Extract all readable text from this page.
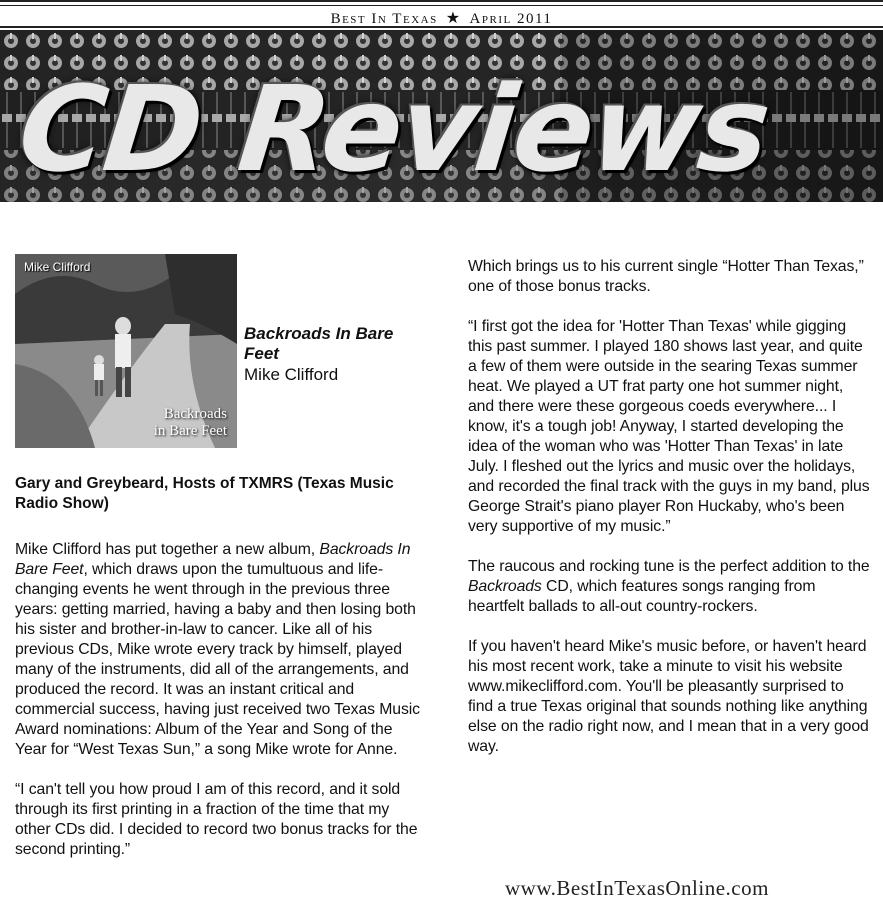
Best In Texas ★ April 2011
CD Reviews
Mike Clifford
Backroads
in Bare Feet
Backroads In Bare Feet
Mike Clifford
Gary and Greybeard, Hosts of TXMRS (Texas Music Radio Show)

Mike Clifford has put together a new album, Backroads In Bare Feet, which draws upon the tumultuous and life-changing events he went through in the previous three years: getting married, having a baby and then losing both his sister and brother-in-law to cancer. Like all of his previous CDs, Mike wrote every track by himself, played many of the instruments, did all of the arrangements, and produced the record. It was an instant critical and commercial success, having just received two Texas Music Award nominations: Album of the Year and Song of the Year for “West Texas Sun,” a song Mike wrote for Anne.

“I can't tell you how proud I am of this record, and it sold through its first printing in a fraction of the time that my other CDs did. I decided to record two bonus tracks for the second printing.”

Which brings us to his current single “Hotter Than Texas,” one of those bonus tracks.

“I first got the idea for 'Hotter Than Texas' while gigging this past summer. I played 180 shows last year, and quite a few of them were outside in the searing Texas summer heat. We played a UT frat party one hot summer night, and there were these gorgeous coeds everywhere... I know, it's a tough job! Anyway, I started developing the idea of the woman who was 'Hotter Than Texas' in late July. I fleshed out the lyrics and music over the holidays, and recorded the final track with the guys in my band, plus George Strait's piano player Ron Huckaby, who's been very supportive of my music.”

The raucous and rocking tune is the perfect addition to the Backroads CD, which features songs ranging from heartfelt ballads to all-out country-rockers.

If you haven't heard Mike's music before, or haven't heard his most recent work, take a minute to visit his website www.mikeclifford.com. You'll be pleasantly surprised to find a true Texas original that sounds nothing like anything else on the radio right now, and I mean that in a very good way.

www.BestInTexasOnline.com
